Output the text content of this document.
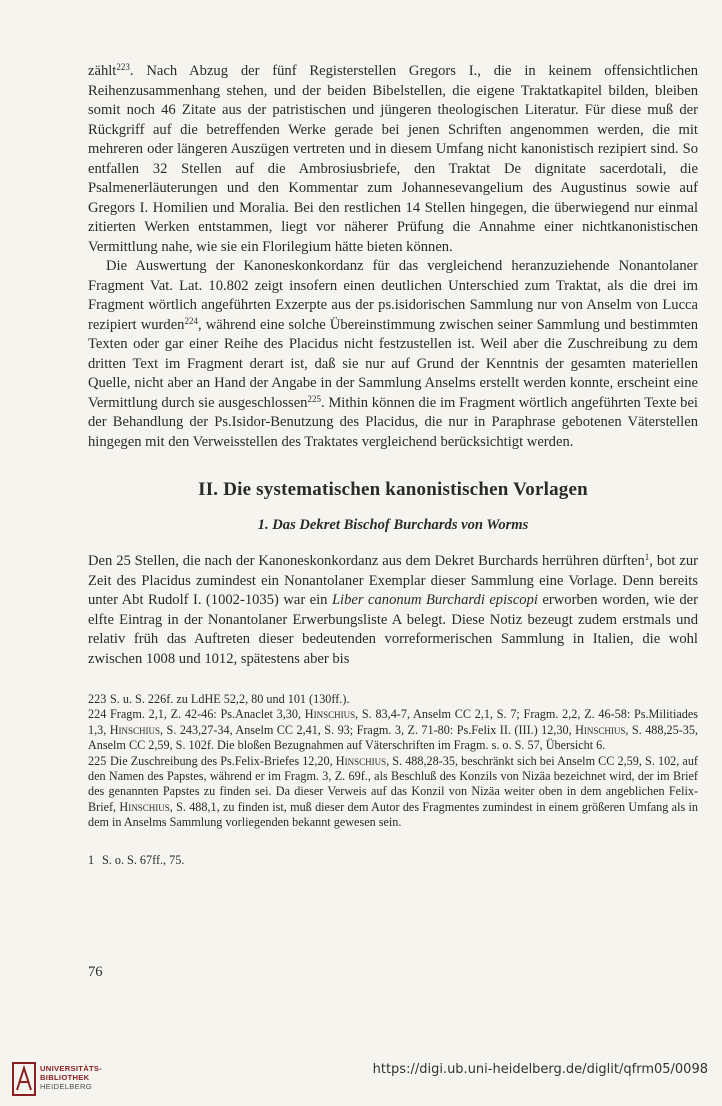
zählt$^{223}$. Nach Abzug der fünf Registerstellen Gregors I., die in keinem offensichtlichen Reihenzusammenhang stehen, und der beiden Bibelstellen, die eigene Traktatkapitel bilden, bleiben somit noch 46 Zitate aus der patristischen und jüngeren theologischen Literatur. Für diese muß der Rückgriff auf die betreffenden Werke gerade bei jenen Schriften angenommen werden, die mit mehreren oder längeren Auszügen vertreten und in diesem Umfang nicht kanonistisch rezipiert sind. So entfallen 32 Stellen auf die Ambrosiusbriefe, den Traktat De dignitate sacerdotali, die Psalmenerläuterungen und den Kommentar zum Johannesevangelium des Augustinus sowie auf Gregors I. Homilien und Moralia. Bei den restlichen 14 Stellen hingegen, die überwiegend nur einmal zitierten Werken entstammen, liegt vor näherer Prüfung die Annahme einer nichtkanonistischen Vermittlung nahe, wie sie ein Florilegium hätte bieten können.

Die Auswertung der Kanoneskonkordanz für das vergleichend heranzuziehende Nonantolaner Fragment Vat. Lat. 10.802 zeigt insofern einen deutlichen Unterschied zum Traktat, als die drei im Fragment wörtlich angeführten Exzerpte aus der ps.isidorischen Sammlung nur von Anselm von Lucca rezipiert wurden$^{224}$, während eine solche Übereinstimmung zwischen seiner Sammlung und bestimmten Texten oder gar einer Reihe des Placidus nicht festzustellen ist. Weil aber die Zuschreibung zu dem dritten Text im Fragment derart ist, daß sie nur auf Grund der Kenntnis der gesamten materiellen Quelle, nicht aber an Hand der Angabe in der Sammlung Anselms erstellt werden konnte, erscheint eine Vermittlung durch sie ausgeschlossen$^{225}$. Mithin können die im Fragment wörtlich angeführten Texte bei der Behandlung der Ps.Isidor-Benutzung des Placidus, die nur in Paraphrase gebotenen Väterstellen hingegen mit den Verweisstellen des Traktates vergleichend berücksichtigt werden.

II. Die systematischen kanonistischen Vorlagen
1. Das Dekret Bischof Burchards von Worms

Den 25 Stellen, die nach der Kanoneskonkordanz aus dem Dekret Burchards herrühren dürften$^1$, bot zur Zeit des Placidus zumindest ein Nonantolaner Exemplar dieser Sammlung eine Vorlage. Denn bereits unter Abt Rudolf I. (1002-1035) war ein Liber canonum Burchardi episcopi erworben worden, wie der elfte Eintrag in der Nonantolaner Erwerbungsliste A belegt. Diese Notiz bezeugt zudem erstmals und relativ früh das Auftreten dieser bedeutenden vorreformerischen Sammlung in Italien, die wohl zwischen 1008 und 1012, spätestens aber bis

223 S. u. S. 226f. zu LdHE 52,2, 80 und 101 (130ff.).

224 Fragm. 2,1, Z. 42-46: Ps.Anaclet 3,30, Hinschius, S. 83,4-7, Anselm CC 2,1, S. 7; Fragm. 2,2, Z. 46-58: Ps.Militiades 1,3, Hinschius, S. 243,27-34, Anselm CC 2,41, S. 93; Fragm. 3, Z. 71-80: Ps.Felix II. (III.) 12,30, Hinschius, S. 488,25-35, Anselm CC 2,59, S. 102f. Die bloßen Bezugnahmen auf Väterschriften im Fragm. s. o. S. 57, Übersicht 6.

225 Die Zuschreibung des Ps.Felix-Briefes 12,20, Hinschius, S. 488,28-35, beschränkt sich bei Anselm CC 2,59, S. 102, auf den Namen des Papstes, während er im Fragm. 3, Z. 69f., als Beschluß des Konzils von Nizäa bezeichnet wird, der im Brief des genannten Papstes zu finden sei. Da dieser Verweis auf das Konzil von Nizäa weiter oben in dem angeblichen Felix-Brief, Hinschius, S. 488,1, zu finden ist, muß dieser dem Autor des Fragmentes zumindest in einem größeren Umfang als in dem in Anselms Sammlung vorliegenden bekannt gewesen sein.

1 S. o. S. 67ff., 75.

76
UNIVERSITÄTS-
BIBLIOTHEK
HEIDELBERG
https://digi.ub.uni-heidelberg.de/diglit/qfrm05/0098
